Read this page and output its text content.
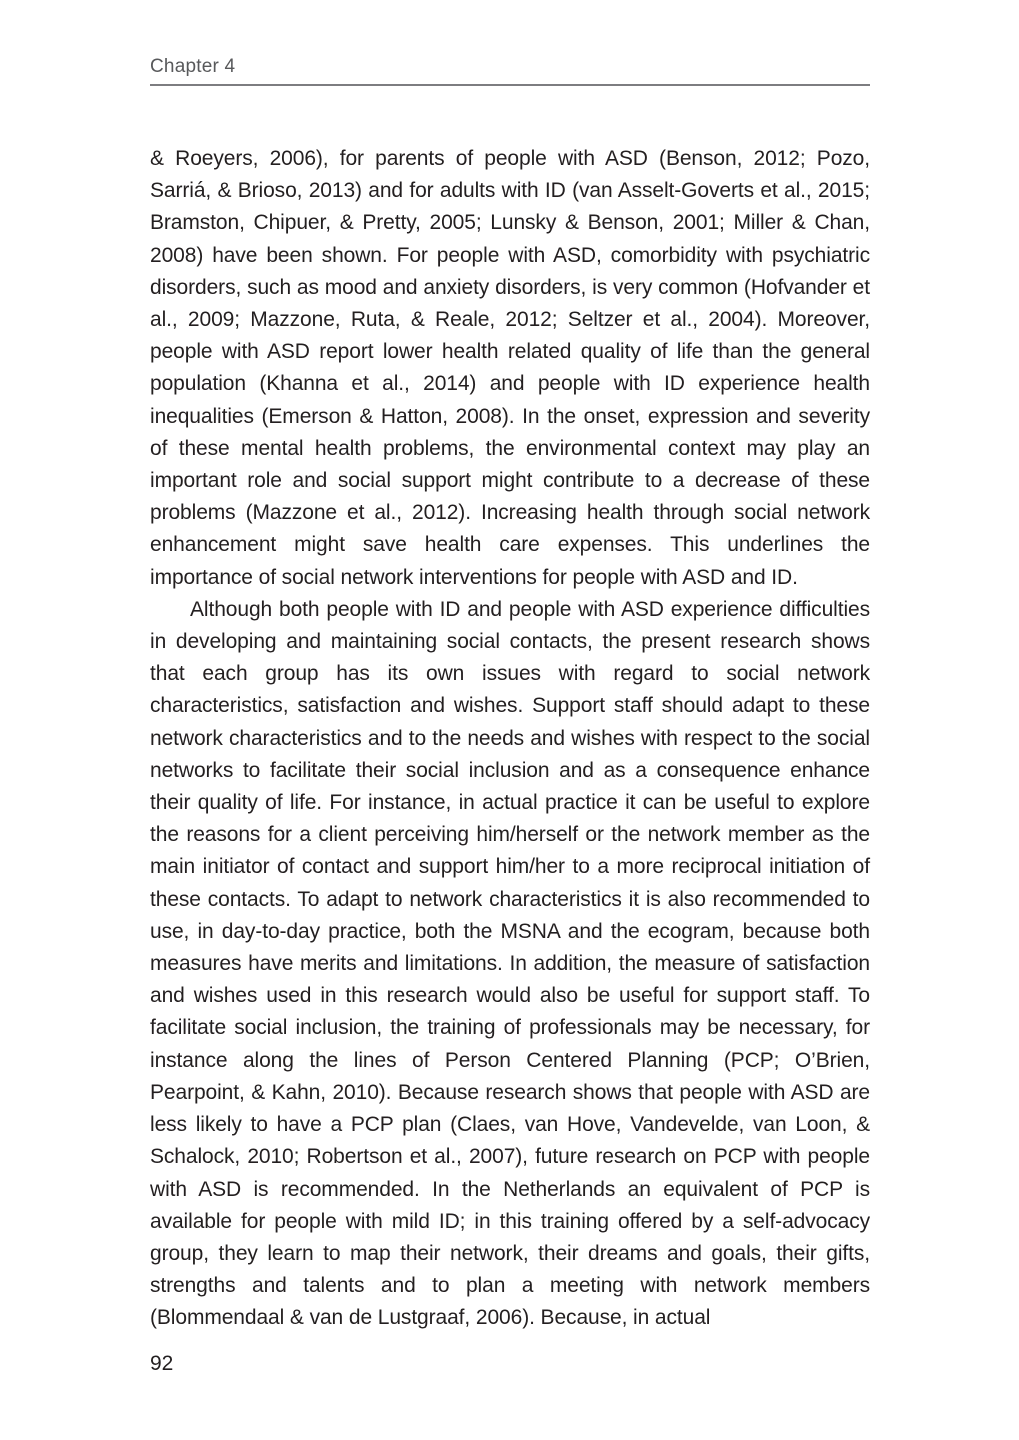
Chapter 4

& Roeyers, 2006), for parents of people with ASD (Benson, 2012; Pozo, Sarriá, & Brioso, 2013) and for adults with ID (van Asselt-Goverts et al., 2015; Bramston, Chipuer, & Pretty, 2005; Lunsky & Benson, 2001; Miller & Chan, 2008) have been shown. For people with ASD, comorbidity with psychiatric disorders, such as mood and anxiety disorders, is very common (Hofvander et al., 2009; Mazzone, Ruta, & Reale, 2012; Seltzer et al., 2004). Moreover, people with ASD report lower health related quality of life than the general population (Khanna et al., 2014) and people with ID experience health inequalities (Emerson & Hatton, 2008). In the onset, expression and severity of these mental health problems, the environmental context may play an important role and social support might contribute to a decrease of these problems (Mazzone et al., 2012). Increasing health through social network enhancement might save health care expenses. This underlines the importance of social network interventions for people with ASD and ID.

Although both people with ID and people with ASD experience difficulties in developing and maintaining social contacts, the present research shows that each group has its own issues with regard to social network characteristics, satisfaction and wishes. Support staff should adapt to these network characteristics and to the needs and wishes with respect to the social networks to facilitate their social inclusion and as a consequence enhance their quality of life. For instance, in actual practice it can be useful to explore the reasons for a client perceiving him/herself or the network member as the main initiator of contact and support him/her to a more reciprocal initiation of these contacts. To adapt to network characteristics it is also recommended to use, in day-to-day practice, both the MSNA and the ecogram, because both measures have merits and limitations. In addition, the measure of satisfaction and wishes used in this research would also be useful for support staff. To facilitate social inclusion, the training of professionals may be necessary, for instance along the lines of Person Centered Planning (PCP; O’Brien, Pearpoint, & Kahn, 2010). Because research shows that people with ASD are less likely to have a PCP plan (Claes, van Hove, Vandevelde, van Loon, & Schalock, 2010; Robertson et al., 2007), future research on PCP with people with ASD is recommended. In the Netherlands an equivalent of PCP is available for people with mild ID; in this training offered by a self-advocacy group, they learn to map their network, their dreams and goals, their gifts, strengths and talents and to plan a meeting with network members (Blommendaal & van de Lustgraaf, 2006). Because, in actual

92
